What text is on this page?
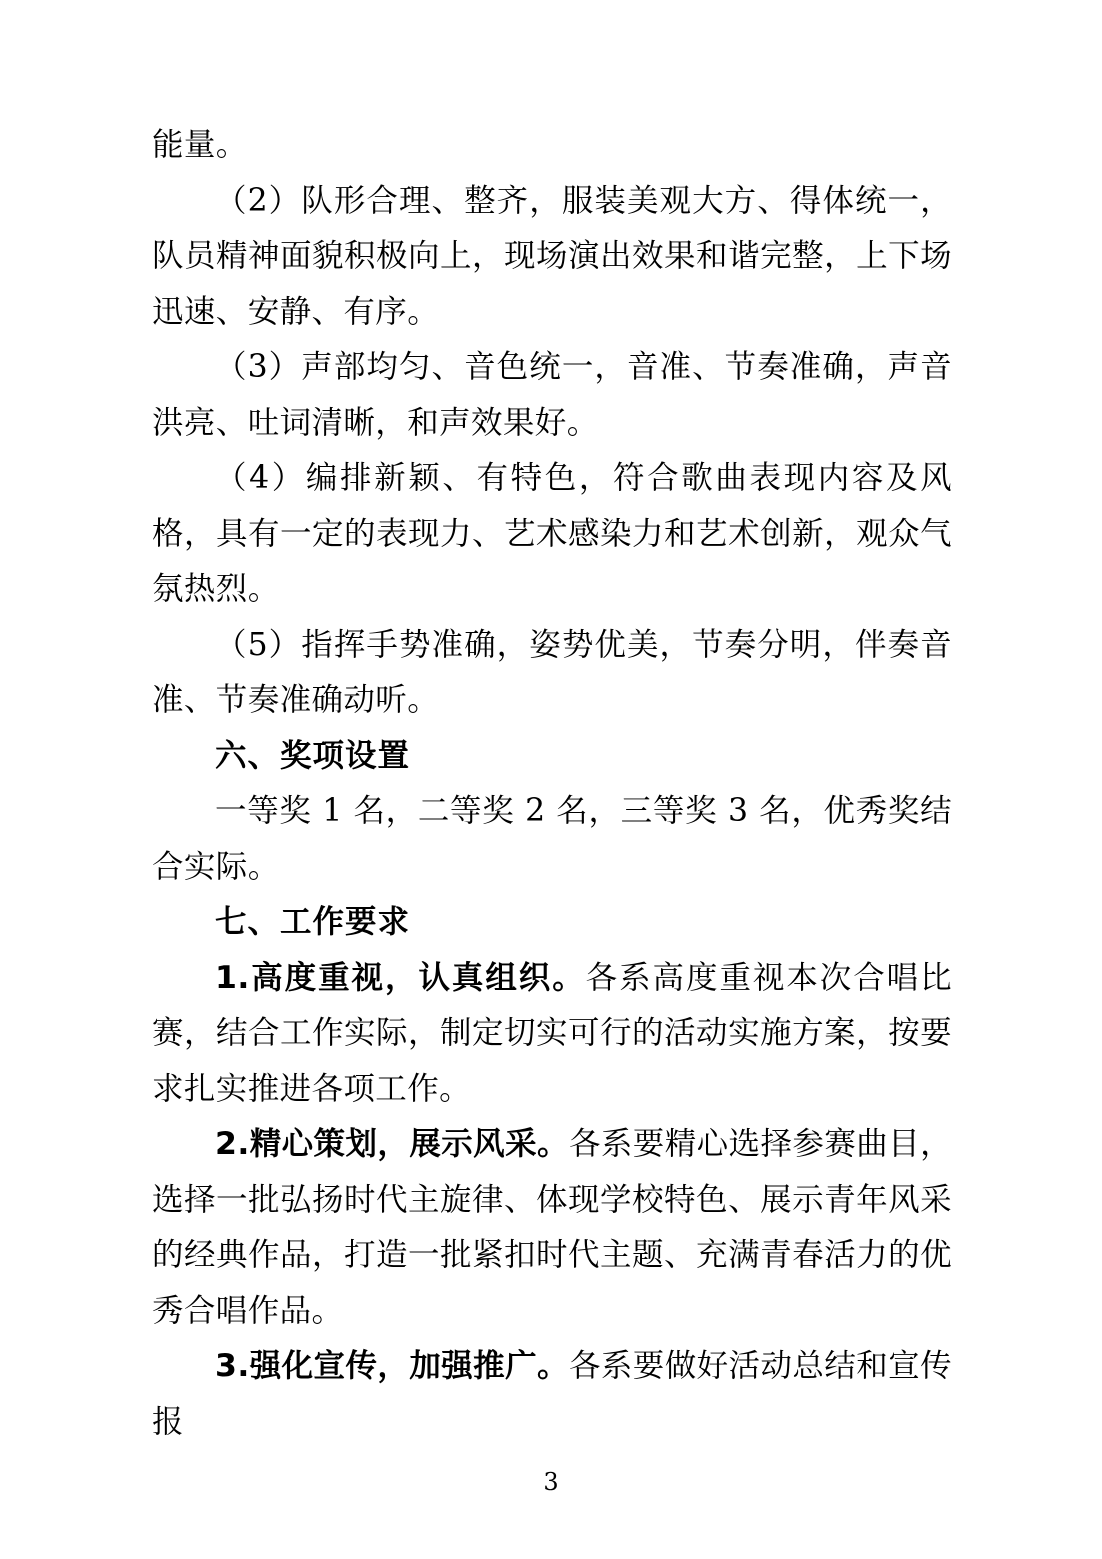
能量。

（2）队形合理、整齐，服装美观大方、得体统一，队员精神面貌积极向上，现场演出效果和谐完整，上下场迅速、安静、有序。

（3）声部均匀、音色统一，音准、节奏准确，声音洪亮、吐词清晰，和声效果好。

（4）编排新颖、有特色，符合歌曲表现内容及风格，具有一定的表现力、艺术感染力和艺术创新，观众气氛热烈。

（5）指挥手势准确，姿势优美，节奏分明，伴奏音准、节奏准确动听。

六、奖项设置

一等奖 1 名，二等奖 2 名，三等奖 3 名，优秀奖结合实际。

七、工作要求

1.高度重视，认真组织。各系高度重视本次合唱比赛，结合工作实际，制定切实可行的活动实施方案，按要求扎实推进各项工作。

2.精心策划，展示风采。各系要精心选择参赛曲目，选择一批弘扬时代主旋律、体现学校特色、展示青年风采的经典作品，打造一批紧扣时代主题、充满青春活力的优秀合唱作品。

3.强化宣传，加强推广。各系要做好活动总结和宣传报

3
